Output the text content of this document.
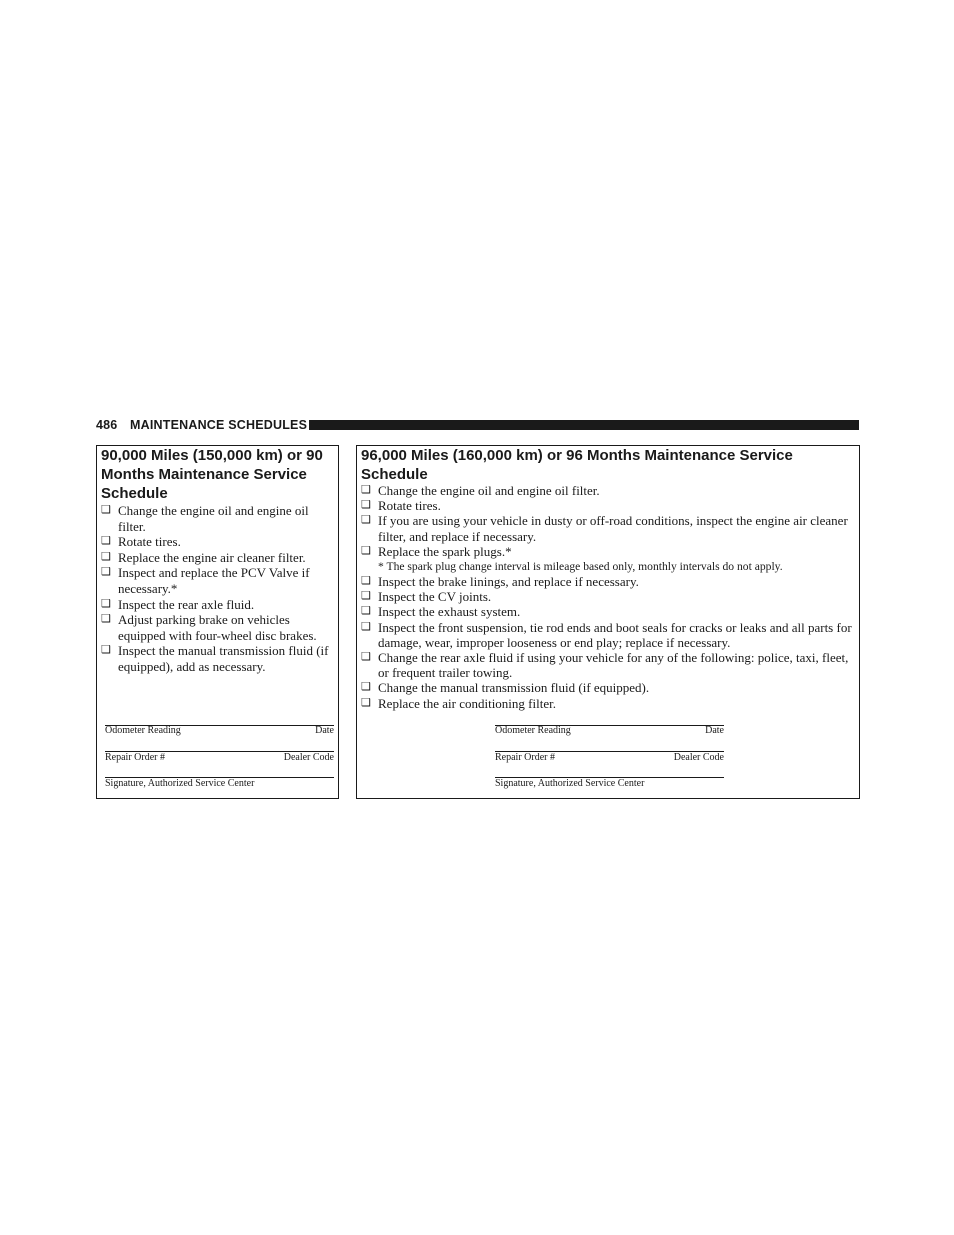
486 MAINTENANCE SCHEDULES
90,000 Miles (150,000 km) or 90 Months Maintenance Service Schedule
❑ Change the engine oil and engine oil filter.
❑ Rotate tires.
❑ Replace the engine air cleaner filter.
❑ Inspect and replace the PCV Valve if necessary.*
❑ Inspect the rear axle fluid.
❑ Adjust parking brake on vehicles equipped with four-wheel disc brakes.
❑ Inspect the manual transmission fluid (if equipped), add as necessary.
Odometer Reading	Date
Repair Order #	Dealer Code
Signature, Authorized Service Center
96,000 Miles (160,000 km) or 96 Months Maintenance Service Schedule
❑ Change the engine oil and engine oil filter.
❑ Rotate tires.
❑ If you are using your vehicle in dusty or off-road conditions, inspect the engine air cleaner filter, and replace if necessary.
❑ Replace the spark plugs.*
* The spark plug change interval is mileage based only, monthly intervals do not apply.
❑ Inspect the brake linings, and replace if necessary.
❑ Inspect the CV joints.
❑ Inspect the exhaust system.
❑ Inspect the front suspension, tie rod ends and boot seals for cracks or leaks and all parts for damage, wear, improper looseness or end play; replace if necessary.
❑ Change the rear axle fluid if using your vehicle for any of the following: police, taxi, fleet, or frequent trailer towing.
❑ Change the manual transmission fluid (if equipped).
❑ Replace the air conditioning filter.
Odometer Reading	Date
Repair Order #	Dealer Code
Signature, Authorized Service Center
